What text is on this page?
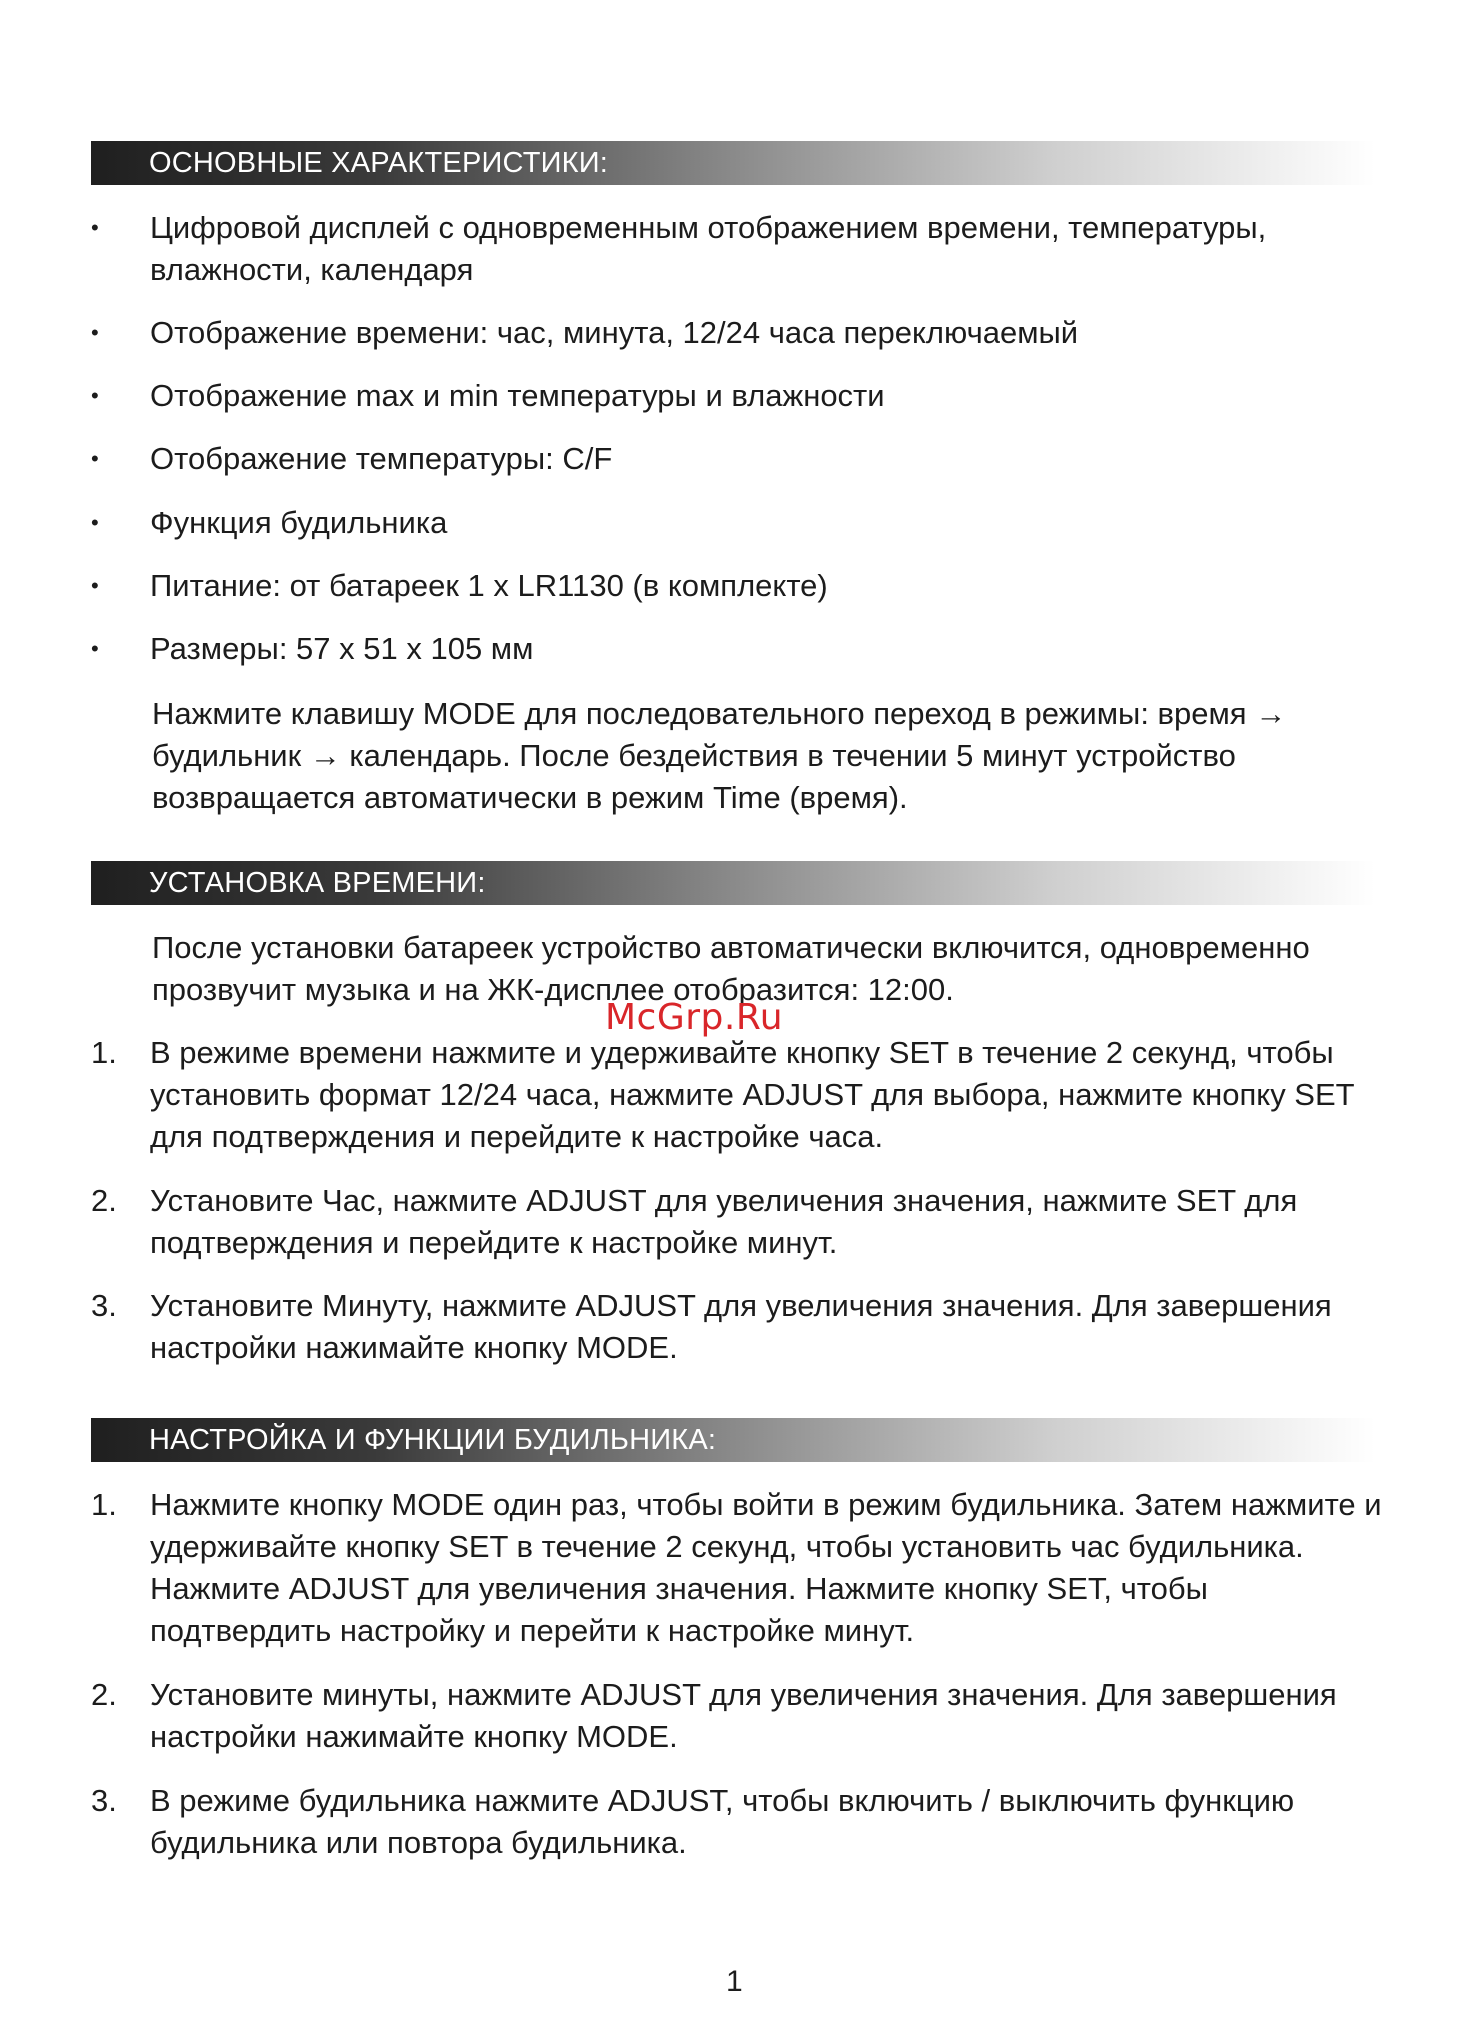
ОСНОВНЫЕ ХАРАКТЕРИСТИКИ:
•	Цифровой дисплей с одновременным отображением времени, температуры, влажности, календаря
•	Отображение времени: час, минута, 12/24 часа переключаемый
•	Отображение max и min температуры и влажности
•	Отображение температуры: C/F
•	Функция будильника
•	Питание: от батареек 1 x LR1130 (в комплекте)
•	Размеры: 57 x 51 x 105 мм
Нажмите клавишу MODE для последовательного переход в режимы: время → будильник → календарь. После бездействия в течении 5 минут устройство возвращается автоматически в режим Time (время).
УСТАНОВКА ВРЕМЕНИ:
После установки батареек устройство автоматически включится, одновременно прозвучит музыка и на ЖК-дисплее отобразится: 12:00.
1.	В режиме времени нажмите и удерживайте кнопку SET в течение 2 секунд, чтобы установить формат 12/24 часа, нажмите ADJUST для выбора, нажмите кнопку SET для подтверждения и перейдите к настройке часа.
2.	Установите Час, нажмите ADJUST для увеличения значения, нажмите SET для подтверждения и перейдите к настройке минут.
3.	Установите Минуту, нажмите ADJUST для увеличения значения. Для завершения настройки нажимайте кнопку MODE.
НАСТРОЙКА И ФУНКЦИИ БУДИЛЬНИКА:
1.	Нажмите кнопку MODE один раз, чтобы войти в режим будильника. Затем нажмите и удерживайте кнопку SET в течение 2 секунд, чтобы установить час будильника. Нажмите ADJUST для увеличения значения. Нажмите кнопку SET, чтобы подтвердить настройку и перейти к настройке минут.
2.	Установите минуты, нажмите ADJUST для увеличения значения. Для завершения настройки нажимайте кнопку MODE.
3.	В режиме будильника нажмите ADJUST, чтобы включить / выключить функцию будильника или повтора будильника.
McGrp.Ru
1
